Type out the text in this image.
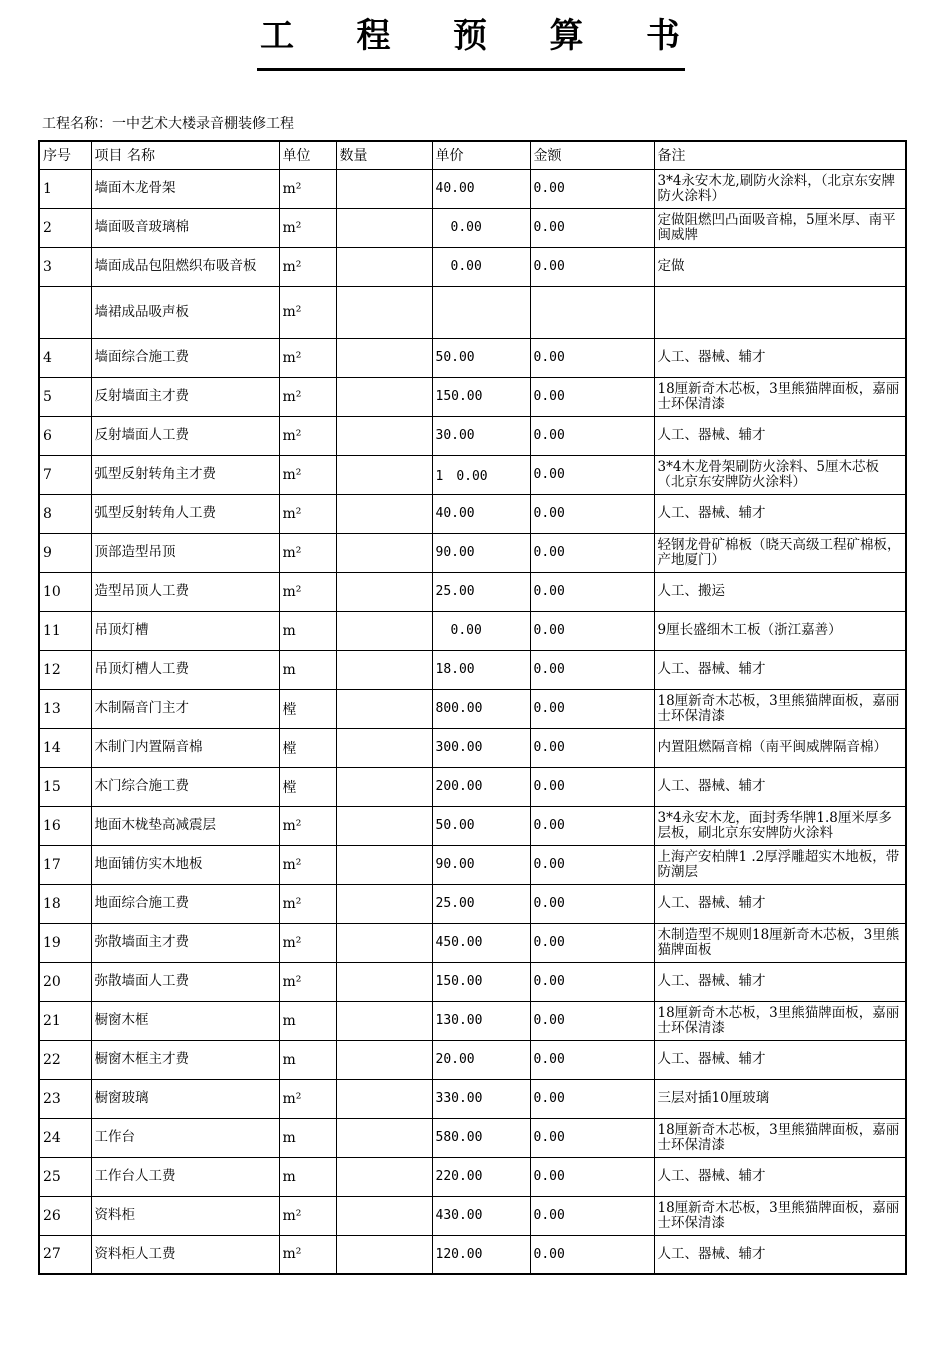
工 程 预 算 书
工程名称：一中艺术大楼录音棚装修工程
序号	项目 名称	单位	数量	单价	金额	备注
1	墙面木龙骨架	m²		40.00	0.00	3*4永安木龙,刷防火涂料，（北京东安牌防火涂料）
2	墙面吸音玻璃棉	m²		0.00	0.00	定做阻燃凹凸面吸音棉，5厘米厚、南平闽威牌
3	墙面成品包阻燃织布吸音板	m²		0.00	0.00	定做
	墙裙成品吸声板	m²				
4	墙面综合施工费	m²		50.00	0.00	人工、器械、辅才
5	反射墙面主才费	m²		150.00	0.00	18厘新奇木芯板，3里熊猫牌面板，嘉丽士环保清漆
6	反射墙面人工费	m²		30.00	0.00	人工、器械、辅才
7	弧型反射转角主才费	m²		1　0.00	0.00	3*4木龙骨架刷防火涂料、5厘木芯板（北京东安牌防火涂料）
8	弧型反射转角人工费	m²		40.00	0.00	人工、器械、辅才
9	顶部造型吊顶	m²		90.00	0.00	轻钢龙骨矿棉板（晓天高级工程矿棉板，产地厦门）
10	造型吊顶人工费	m²		25.00	0.00	人工、搬运
11	吊顶灯槽	m		0.00	0.00	9厘长盛细木工板（浙江嘉善）
12	吊顶灯槽人工费	m		18.00	0.00	人工、器械、辅才
13	木制隔音门主才	樘		800.00	0.00	18厘新奇木芯板，3里熊猫牌面板，嘉丽士环保清漆
14	木制门内置隔音棉	樘		300.00	0.00	内置阻燃隔音棉（南平闽威牌隔音棉）
15	木门综合施工费	樘		200.00	0.00	人工、器械、辅才
16	地面木栊垫高减震层	m²		50.00	0.00	3*4永安木龙，面封秀华牌1.8厘米厚多层板，刷北京东安牌防火涂料
17	地面铺仿实木地板	m²		90.00	0.00	上海产安柏牌1 .2厚浮雕超实木地板，带防潮层
18	地面综合施工费	m²		25.00	0.00	人工、器械、辅才
19	弥散墙面主才费	m²		450.00	0.00	木制造型不规则18厘新奇木芯板，3里熊猫牌面板
20	弥散墙面人工费	m²		150.00	0.00	人工、器械、辅才
21	橱窗木框	m		130.00	0.00	18厘新奇木芯板，3里熊猫牌面板，嘉丽士环保清漆
22	橱窗木框主才费	m		20.00	0.00	人工、器械、辅才
23	橱窗玻璃	m²		330.00	0.00	三层对插10厘玻璃
24	工作台	m		580.00	0.00	18厘新奇木芯板，3里熊猫牌面板，嘉丽士环保清漆
25	工作台人工费	m		220.00	0.00	人工、器械、辅才
26	资料柜	m²		430.00	0.00	18厘新奇木芯板，3里熊猫牌面板，嘉丽士环保清漆
27	资料柜人工费	m²		120.00	0.00	人工、器械、辅才
